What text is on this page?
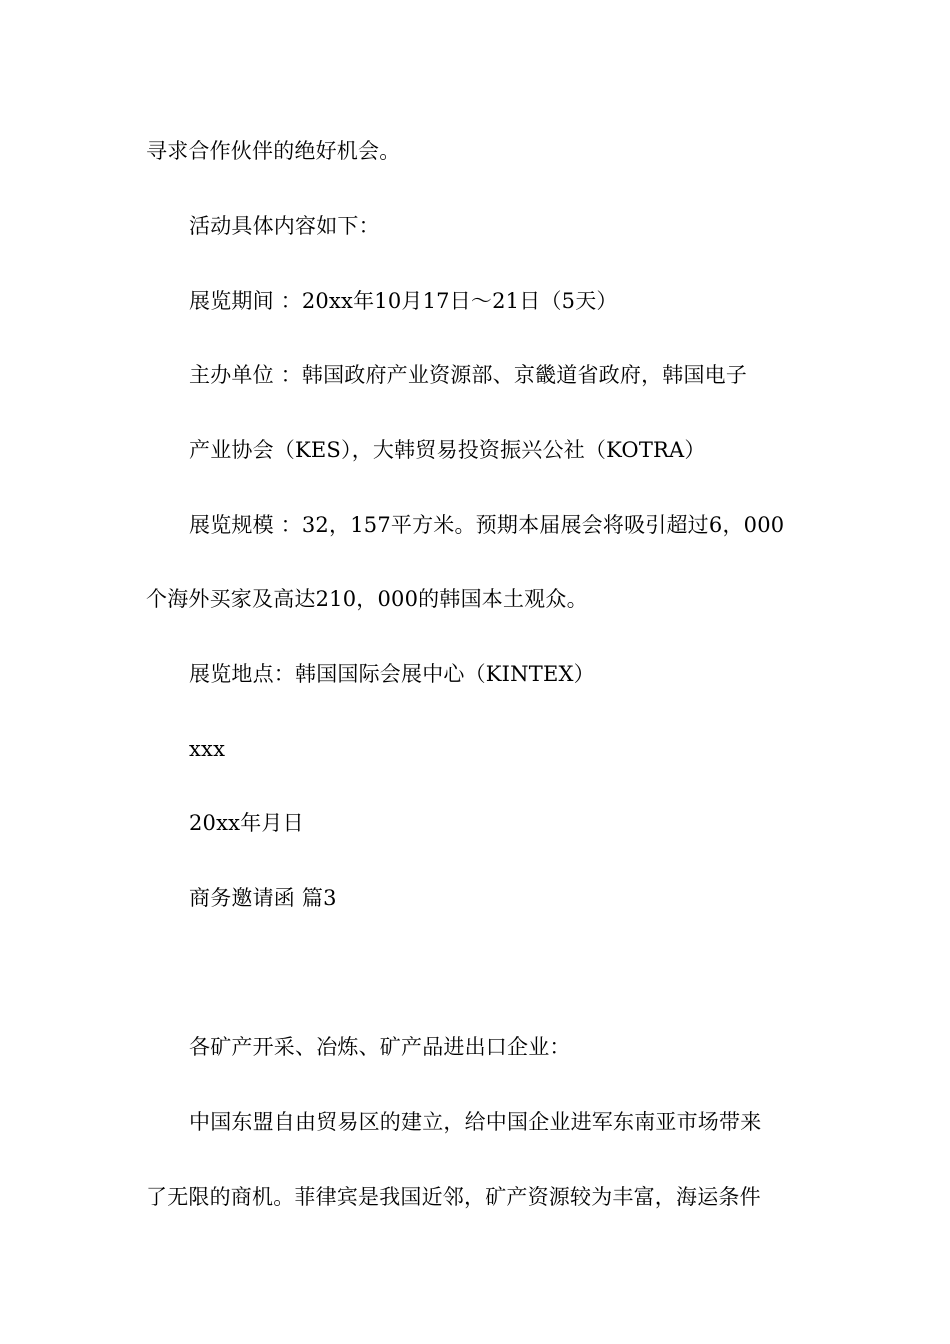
寻求合作伙伴的绝好机会。
活动具体内容如下：
展览期间 ：20xx年10月17日～21日（5天）
主办单位 ：韩国政府产业资源部、京畿道省政府，韩国电子
产业协会（KES），大韩贸易投资振兴公社（KOTRA）
展览规模 ：32，157平方米。预期本届展会将吸引超过6，000
个海外买家及高达210，000的韩国本土观众。
展览地点：韩国国际会展中心（KINTEX）
xxx
20xx年月日
商务邀请函 篇3
各矿产开采、冶炼、矿产品进出口企业：
中国东盟自由贸易区的建立，给中国企业进军东南亚市场带来
了无限的商机。菲律宾是我国近邻，矿产资源较为丰富，海运条件
